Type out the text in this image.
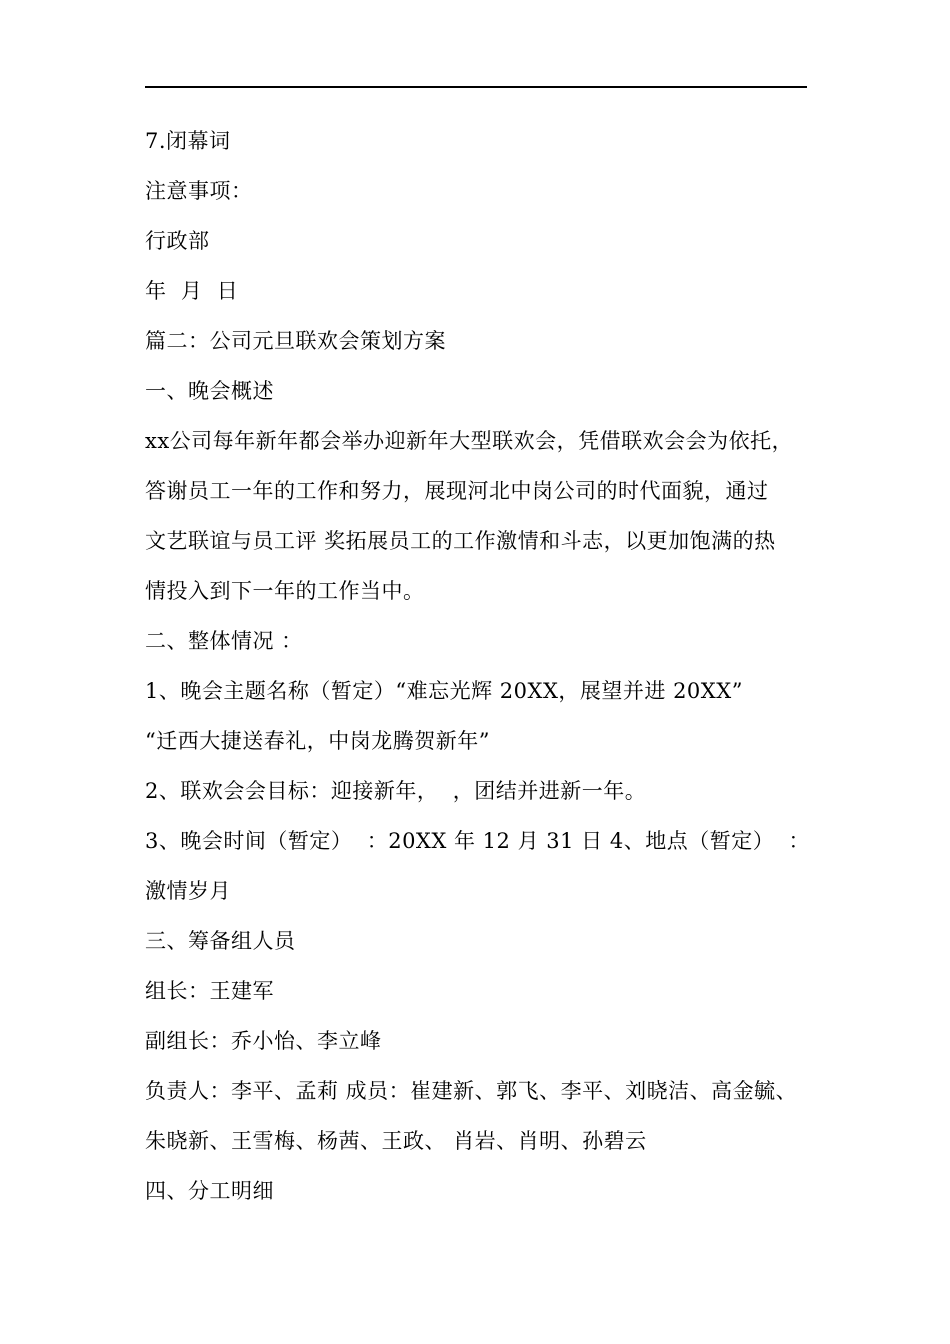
7.闭幕词
注意事项：
行政部
年  月  日
篇二：公司元旦联欢会策划方案
一、晚会概述
xx公司每年新年都会举办迎新年大型联欢会，凭借联欢会会为依托，
答谢员工一年的工作和努力，展现河北中岗公司的时代面貌，通过
文艺联谊与员工评 奖拓展员工的工作激情和斗志，以更加饱满的热
情投入到下一年的工作当中。
二、整体情况 ：
1、晚会主题名称（暂定）“难忘光辉 20XX，展望并进 20XX”
“迁西大捷送春礼，中岗龙腾贺新年”
2、联欢会会目标：迎接新年，  ，团结并进新一年。
3、晚会时间（暂定）  ：20XX 年 12 月 31 日 4、地点（暂定）  ：
激情岁月
三、筹备组人员
组长：王建军
副组长：乔小怡、李立峰
负责人：李平、孟莉 成员：崔建新、郭飞、李平、刘晓洁、高金毓、
朱晓新、王雪梅、杨茜、王政、 肖岩、肖明、孙碧云
四、分工明细
